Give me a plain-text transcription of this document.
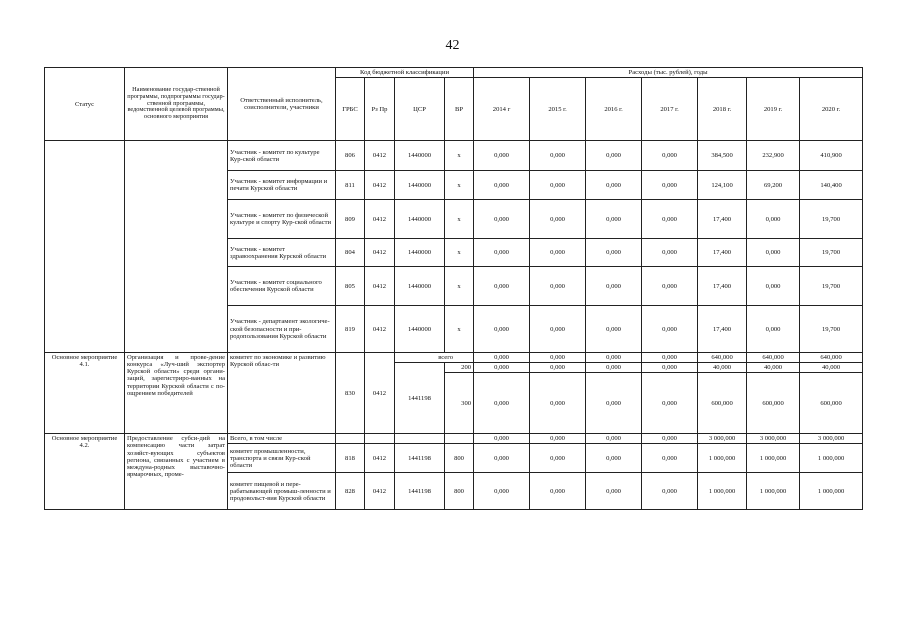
42
Статус	Наименование государ-ственной программы, подпрограммы государ-ственной программы, ведомственной целевой программы, основного мероприятия	Ответственный исполнитель, соисполнители, участники	Код бюджетной классификации				Расходы (тыс. рублей), годы						
			ГРБС	Рз Пр	ЦСР	ВР	2014 г	2015 г.	2016 г.	2017 г.	2018 г.	2019 г.	2020 г.
		Участник - комитет по культуре Кур-ской области	806	0412	1440000	x	0,000	0,000	0,000	0,000	384,500	232,900	410,900
		Участник - комитет информации и печати Курской области	811	0412	1440000	x	0,000	0,000	0,000	0,000	124,100	69,200	140,400
		Участник - комитет по физической культуре и спорту Кур-ской области	809	0412	1440000	x	0,000	0,000	0,000	0,000	17,400	0,000	19,700
		Участник - комитет здравоохранения Курской области	804	0412	1440000	x	0,000	0,000	0,000	0,000	17,400	0,000	19,700
		Участник - комитет социального обеспечения Курской области	805	0412	1440000	x	0,000	0,000	0,000	0,000	17,400	0,000	19,700
		Участник - департамент экологиче-ской безопасности и при-родопользования Курской области	819	0412	1440000	x	0,000	0,000	0,000	0,000	17,400	0,000	19,700
Основное мероприятие 4.1.	Организация и прове-дение конкурса «Луч-ший экспортер Курской области» среди органи-заций, зарегистриро-ванных на территории Курской области с по-ощрением победителей	комитет по экономике и развитию Курской облас-ти	830	0412	всего		0,000	0,000	0,000	0,000	640,000	640,000	640,000
					1441198	200	0,000	0,000	0,000	0,000	40,000	40,000	40,000
						300	0,000	0,000	0,000	0,000	600,000	600,000	600,000
Основное мероприятие 4.2.	Предоставление субси-дий на компенсацию части затрат хозяйст-вующих субъектов региона, связанных с участием в междуна-родных выставочно-ярмарочных, проме-	Всего, в том числе					0,000	0,000	0,000	0,000	3 000,000	3 000,000	3 000,000
		комитет промышленности, транспорта и связи Кур-ской области	818	0412	1441198	800	0,000	0,000	0,000	0,000	1 000,000	1 000,000	1 000,000
		комитет пищевой и пере-рабатывающей промыш-ленности и продовольст-вия Курской области	828	0412	1441198	800	0,000	0,000	0,000	0,000	1 000,000	1 000,000	1 000,000
